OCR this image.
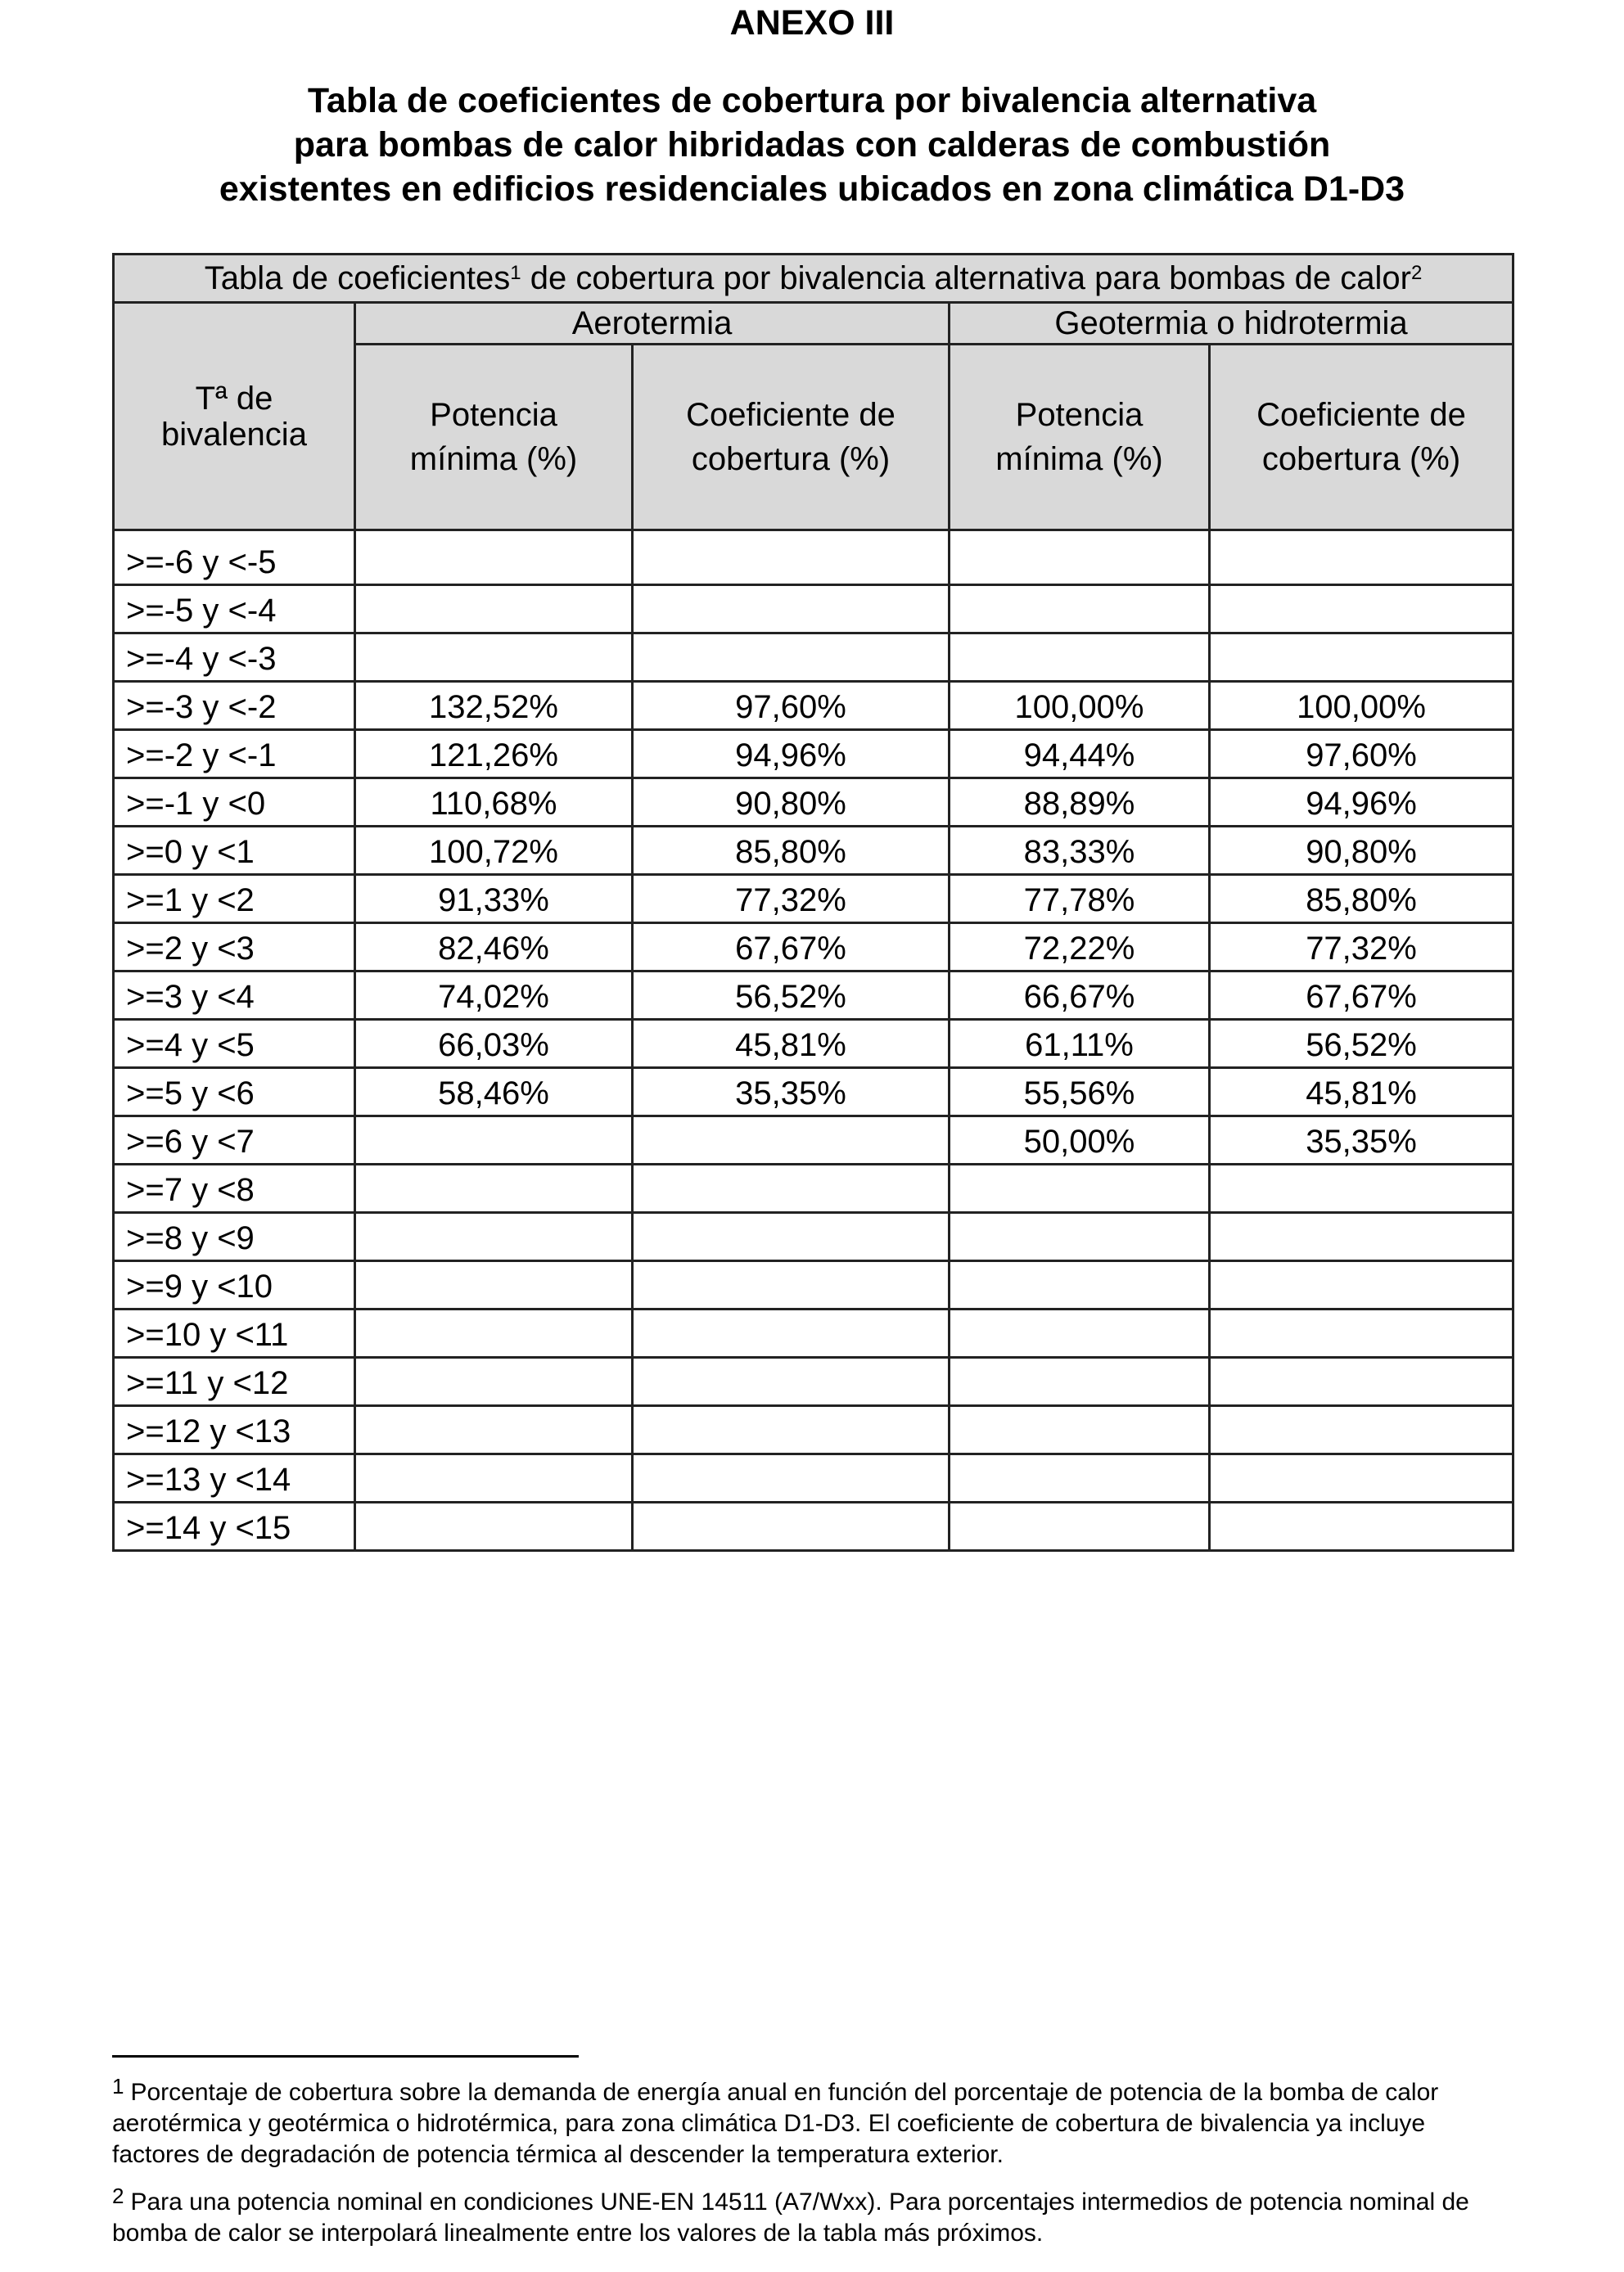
ANEXO III
Tabla de coeficientes de cobertura por bivalencia alternativa
para bombas de calor hibridadas con calderas de combustión
existentes en edificios residenciales ubicados en zona climática D1-D3
Tabla de coeficientes$^1$ de cobertura por bivalencia alternativa para bombas de calor$^2$

Tª de bivalencia	Aerotermia		Geotermia o hidrotermia	

	Potencia mínima (%)	Coeficiente de cobertura (%)	Potencia mínima (%)	Coeficiente de cobertura (%)

>=-6 y <-5				
>=-5 y <-4				
>=-4 y <-3				
>=-3 y <-2	132,52%	97,60%	100,00%	100,00%
>=-2 y <-1	121,26%	94,96%	94,44%	97,60%
>=-1 y <0	110,68%	90,80%	88,89%	94,96%
>=0 y <1	100,72%	85,80%	83,33%	90,80%
>=1 y <2	91,33%	77,32%	77,78%	85,80%
>=2 y <3	82,46%	67,67%	72,22%	77,32%
>=3 y <4	74,02%	56,52%	66,67%	67,67%
>=4 y <5	66,03%	45,81%	61,11%	56,52%
>=5 y <6	58,46%	35,35%	55,56%	45,81%
>=6 y <7			50,00%	35,35%
>=7 y <8				
>=8 y <9				
>=9 y <10				
>=10 y <11				
>=11 y <12				
>=12 y <13				
>=13 y <14				
>=14 y <15				
1 Porcentaje de cobertura sobre la demanda de energía anual en función del porcentaje de potencia de la bomba de calor aerotérmica y geotérmica o hidrotérmica, para zona climática D1-D3. El coeficiente de cobertura de bivalencia ya incluye factores de degradación de potencia térmica al descender la temperatura exterior.
2 Para una potencia nominal en condiciones UNE-EN 14511 (A7/Wxx). Para porcentajes intermedios de potencia nominal de bomba de calor se interpolará linealmente entre los valores de la tabla más próximos.
